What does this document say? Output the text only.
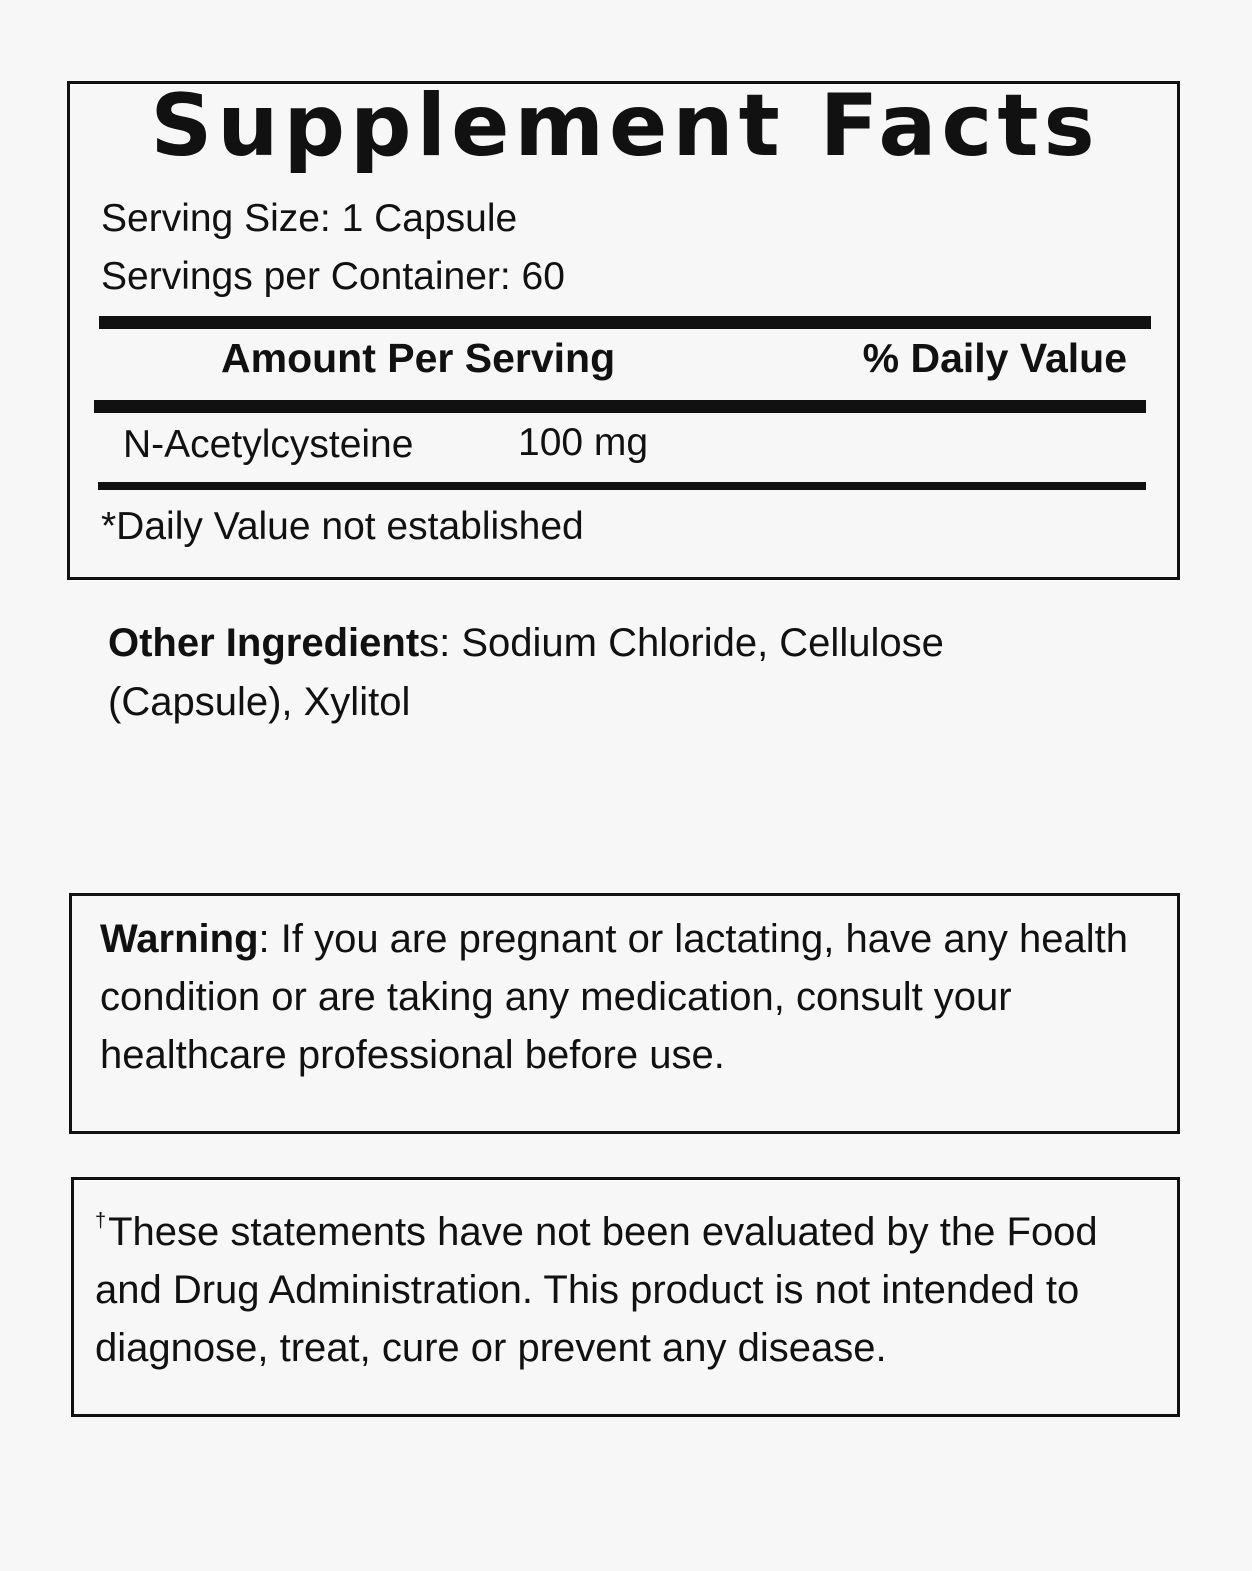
Supplement Facts
Serving Size: 1 Capsule
Servings per Container: 60
Amount Per Serving	% Daily Value
N-Acetylcysteine	100 mg
*Daily Value not established
Other Ingredients: Sodium Chloride, Cellulose (Capsule), Xylitol
Warning: If you are pregnant or lactating, have any health condition or are taking any medication, consult your healthcare professional before use.
†These statements have not been evaluated by the Food and Drug Administration. This product is not intended to diagnose, treat, cure or prevent any disease.
